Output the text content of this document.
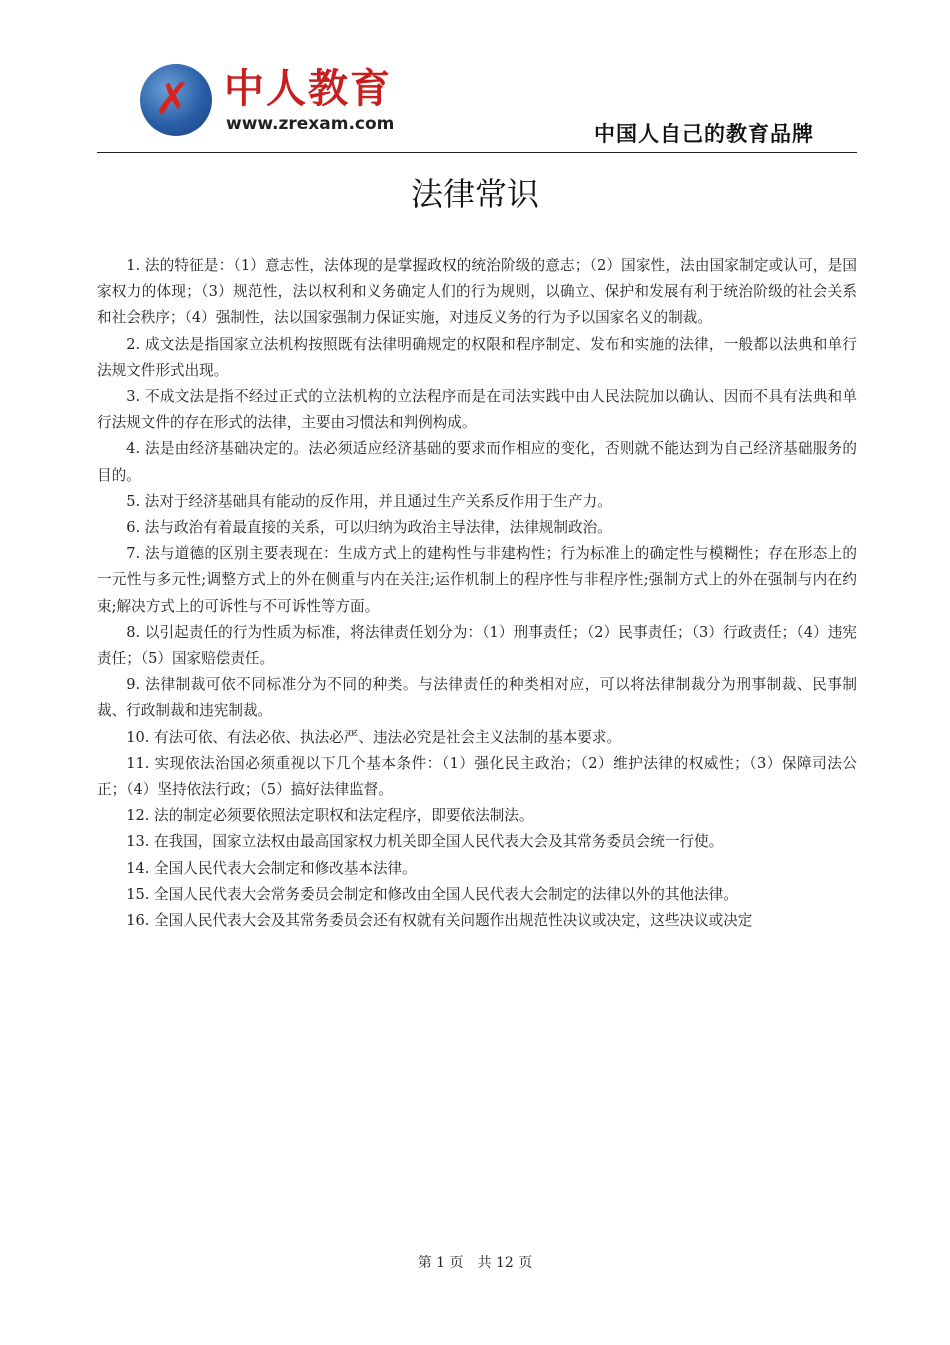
✗ 中人教育
www.zrexam.com	中国人自己的教育品牌
法律常识

1. 法的特征是：（1）意志性，法体现的是掌握政权的统治阶级的意志；（2）国家性，法由国家制定或认可，是国家权力的体现；（3）规范性，法以权利和义务确定人们的行为规则，以确立、保护和发展有利于统治阶级的社会关系和社会秩序；（4）强制性，法以国家强制力保证实施，对违反义务的行为予以国家名义的制裁。

2. 成文法是指国家立法机构按照既有法律明确规定的权限和程序制定、发布和实施的法律，一般都以法典和单行法规文件形式出现。

3. 不成文法是指不经过正式的立法机构的立法程序而是在司法实践中由人民法院加以确认、因而不具有法典和单行法规文件的存在形式的法律，主要由习惯法和判例构成。

4. 法是由经济基础决定的。法必须适应经济基础的要求而作相应的变化，否则就不能达到为自己经济基础服务的目的。

5. 法对于经济基础具有能动的反作用，并且通过生产关系反作用于生产力。

6. 法与政治有着最直接的关系，可以归纳为政治主导法律，法律规制政治。

7. 法与道德的区别主要表现在：生成方式上的建构性与非建构性；行为标准上的确定性与模糊性；存在形态上的一元性与多元性;调整方式上的外在侧重与内在关注;运作机制上的程序性与非程序性;强制方式上的外在强制与内在约束;解决方式上的可诉性与不可诉性等方面。

8. 以引起责任的行为性质为标准，将法律责任划分为：（1）刑事责任；（2）民事责任；（3）行政责任；（4）违宪责任；（5）国家赔偿责任。

9. 法律制裁可依不同标准分为不同的种类。与法律责任的种类相对应，可以将法律制裁分为刑事制裁、民事制裁、行政制裁和违宪制裁。

10. 有法可依、有法必依、执法必严、违法必究是社会主义法制的基本要求。

11. 实现依法治国必须重视以下几个基本条件：（1）强化民主政治；（2）维护法律的权威性；（3）保障司法公正；（4）坚持依法行政；（5）搞好法律监督。

12. 法的制定必须要依照法定职权和法定程序，即要依法制法。

13. 在我国，国家立法权由最高国家权力机关即全国人民代表大会及其常务委员会统一行使。

14. 全国人民代表大会制定和修改基本法律。

15. 全国人民代表大会常务委员会制定和修改由全国人民代表大会制定的法律以外的其他法律。

16. 全国人民代表大会及其常务委员会还有权就有关问题作出规范性决议或决定，这些决议或决定

第 1 页　共 12 页
